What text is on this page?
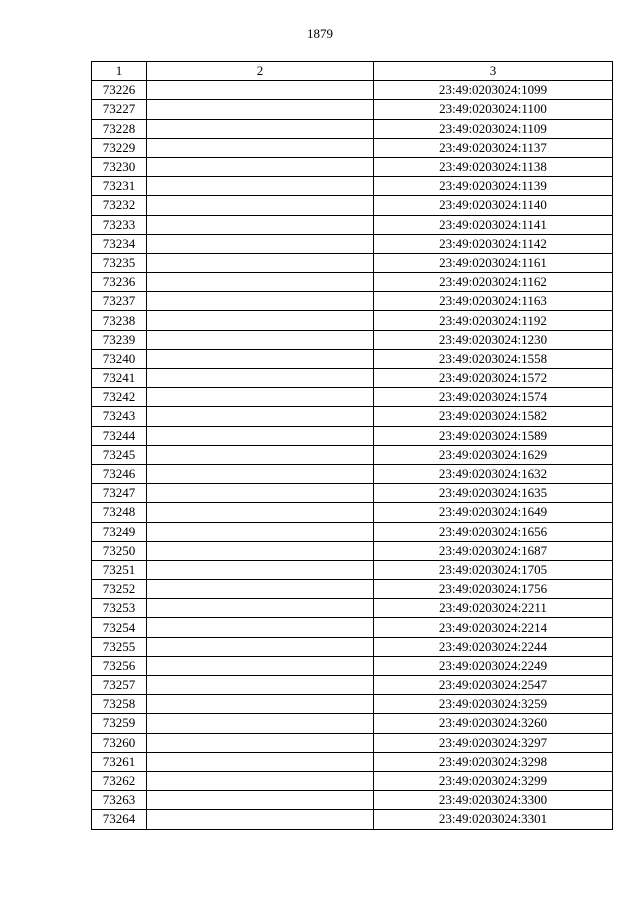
1879
1	2	3
73226		23:49:0203024:1099
73227		23:49:0203024:1100
73228		23:49:0203024:1109
73229		23:49:0203024:1137
73230		23:49:0203024:1138
73231		23:49:0203024:1139
73232		23:49:0203024:1140
73233		23:49:0203024:1141
73234		23:49:0203024:1142
73235		23:49:0203024:1161
73236		23:49:0203024:1162
73237		23:49:0203024:1163
73238		23:49:0203024:1192
73239		23:49:0203024:1230
73240		23:49:0203024:1558
73241		23:49:0203024:1572
73242		23:49:0203024:1574
73243		23:49:0203024:1582
73244		23:49:0203024:1589
73245		23:49:0203024:1629
73246		23:49:0203024:1632
73247		23:49:0203024:1635
73248		23:49:0203024:1649
73249		23:49:0203024:1656
73250		23:49:0203024:1687
73251		23:49:0203024:1705
73252		23:49:0203024:1756
73253		23:49:0203024:2211
73254		23:49:0203024:2214
73255		23:49:0203024:2244
73256		23:49:0203024:2249
73257		23:49:0203024:2547
73258		23:49:0203024:3259
73259		23:49:0203024:3260
73260		23:49:0203024:3297
73261		23:49:0203024:3298
73262		23:49:0203024:3299
73263		23:49:0203024:3300
73264		23:49:0203024:3301
